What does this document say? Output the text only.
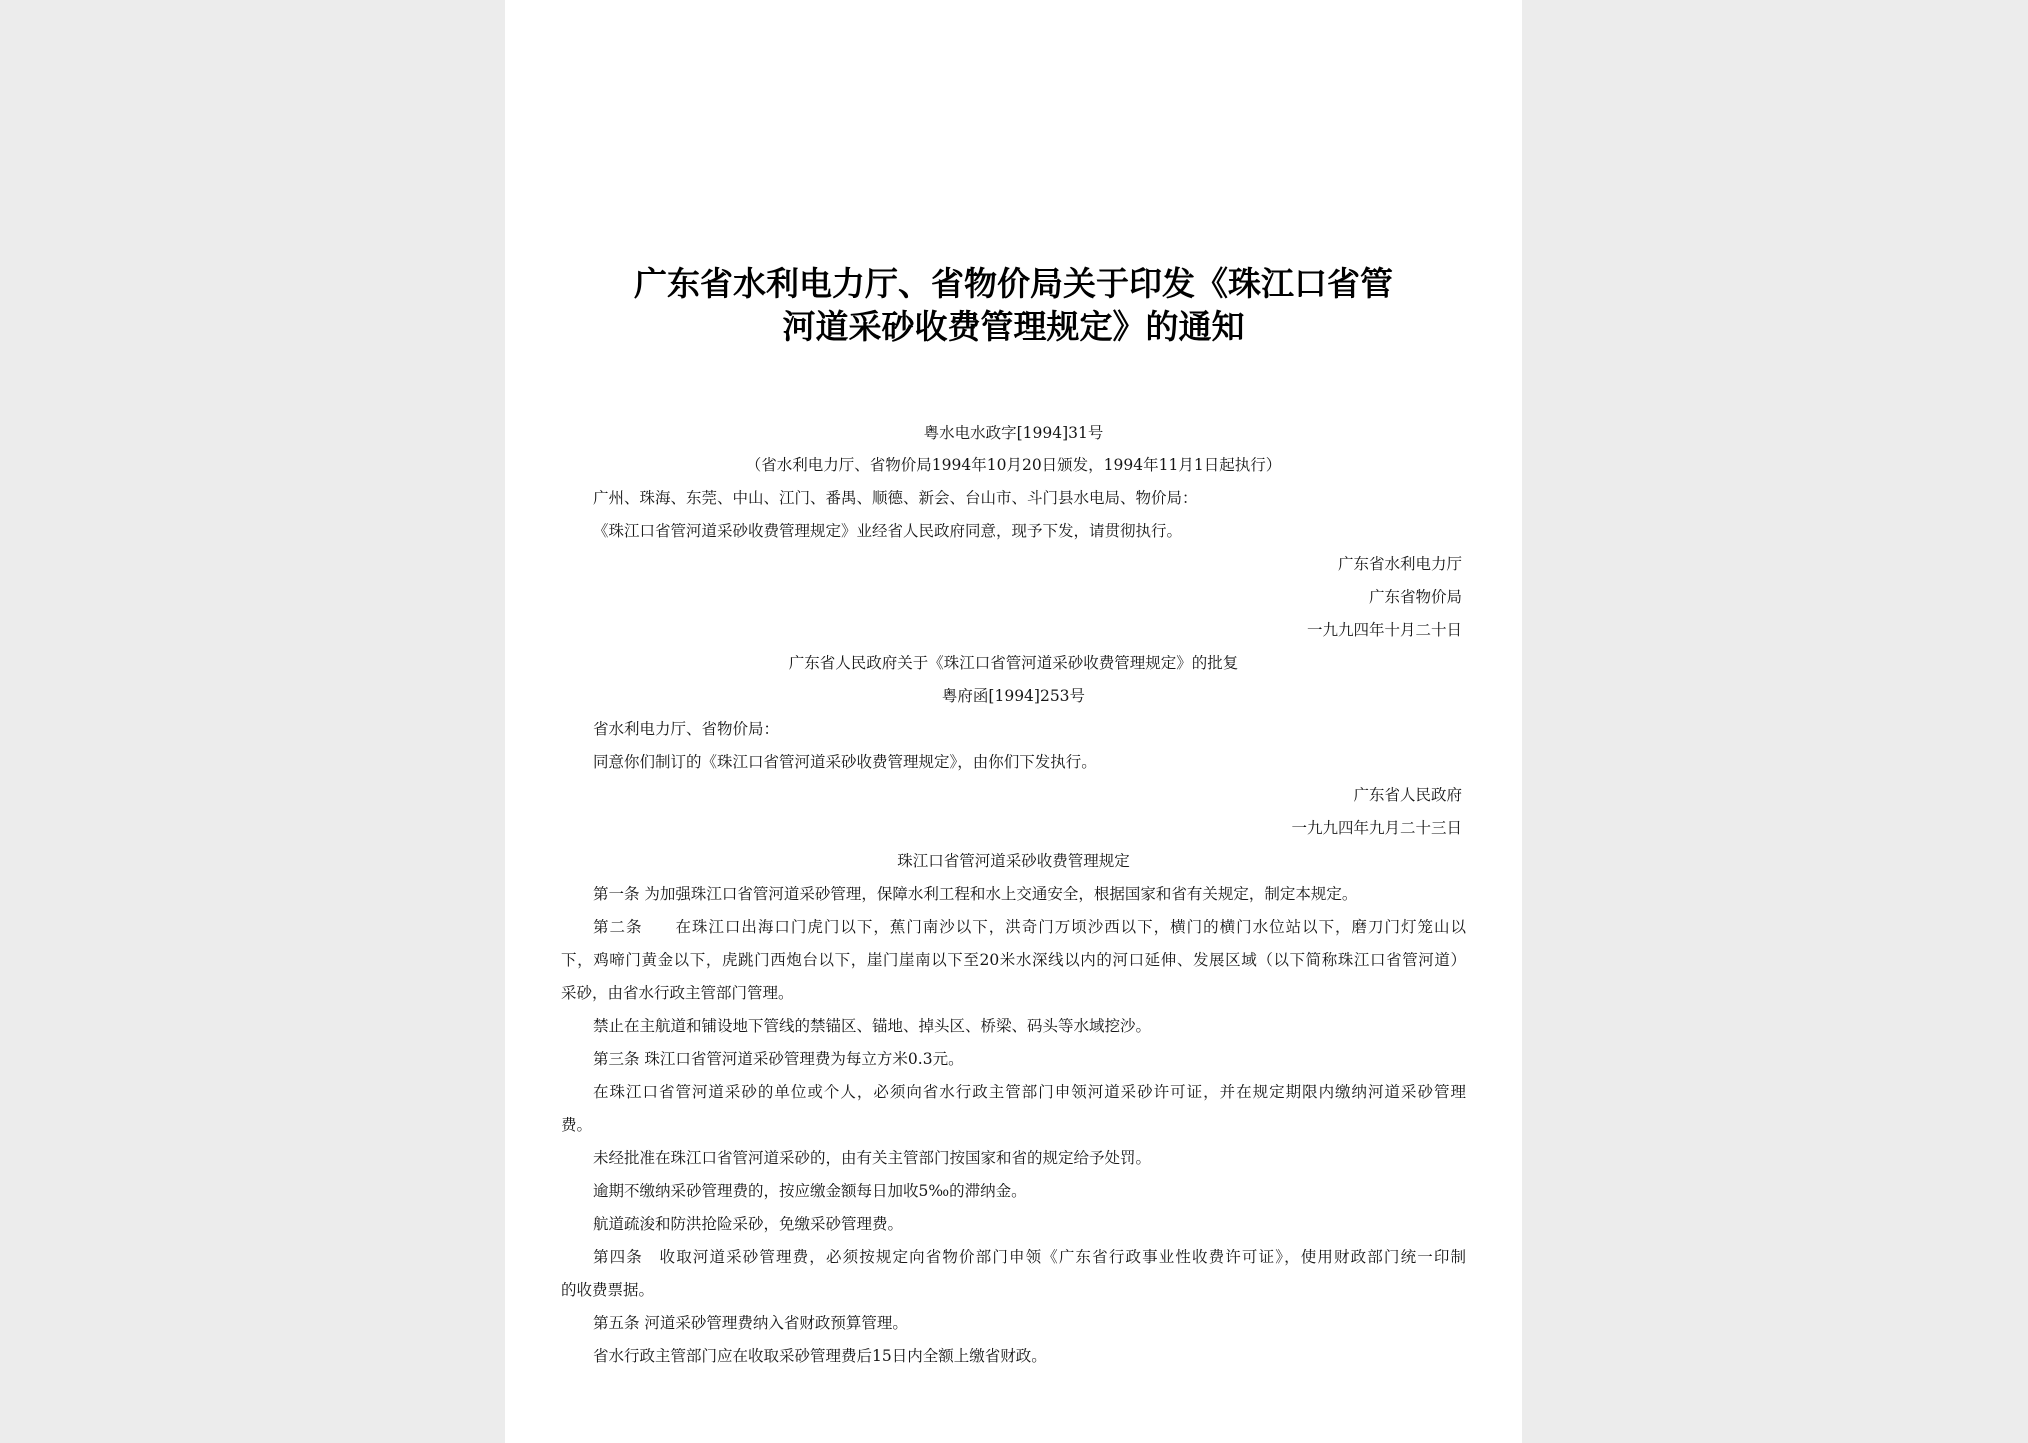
广东省水利电力厅、省物价局关于印发《珠江口省管
河道采砂收费管理规定》的通知
粤水电水政字[1994]31号
（省水利电力厅、省物价局1994年10月20日颁发，1994年11月1日起执行）
广州、珠海、东莞、中山、江门、番禺、顺德、新会、台山市、斗门县水电局、物价局：
《珠江口省管河道采砂收费管理规定》业经省人民政府同意，现予下发，请贯彻执行。
广东省水利电力厅
广东省物价局
一九九四年十月二十日
广东省人民政府关于《珠江口省管河道采砂收费管理规定》的批复
粤府函[1994]253号
省水利电力厅、省物价局：
同意你们制订的《珠江口省管河道采砂收费管理规定》，由你们下发执行。
广东省人民政府
一九九四年九月二十三日
珠江口省管河道采砂收费管理规定
第一条 为加强珠江口省管河道采砂管理，保障水利工程和水上交通安全，根据国家和省有关规定，制定本规定。
第二条　　在珠江口出海口门虎门以下，蕉门南沙以下，洪奇门万顷沙西以下，横门的横门水位站以下，磨刀门灯笼山以
下，鸡啼门黄金以下，虎跳门西炮台以下，崖门崖南以下至20米水深线以内的河口延伸、发展区域（以下简称珠江口省管河道）
采砂，由省水行政主管部门管理。
禁止在主航道和铺设地下管线的禁锚区、锚地、掉头区、桥梁、码头等水域挖沙。
第三条 珠江口省管河道采砂管理费为每立方米0.3元。
在珠江口省管河道采砂的单位或个人，必须向省水行政主管部门申领河道采砂许可证，并在规定期限内缴纳河道采砂管理
费。
未经批准在珠江口省管河道采砂的，由有关主管部门按国家和省的规定给予处罚。
逾期不缴纳采砂管理费的，按应缴金额每日加收5‰的滞纳金。
航道疏浚和防洪抢险采砂，免缴采砂管理费。
第四条　收取河道采砂管理费，必须按规定向省物价部门申领《广东省行政事业性收费许可证》，使用财政部门统一印制
的收费票据。
第五条 河道采砂管理费纳入省财政预算管理。
省水行政主管部门应在收取采砂管理费后15日内全额上缴省财政。
